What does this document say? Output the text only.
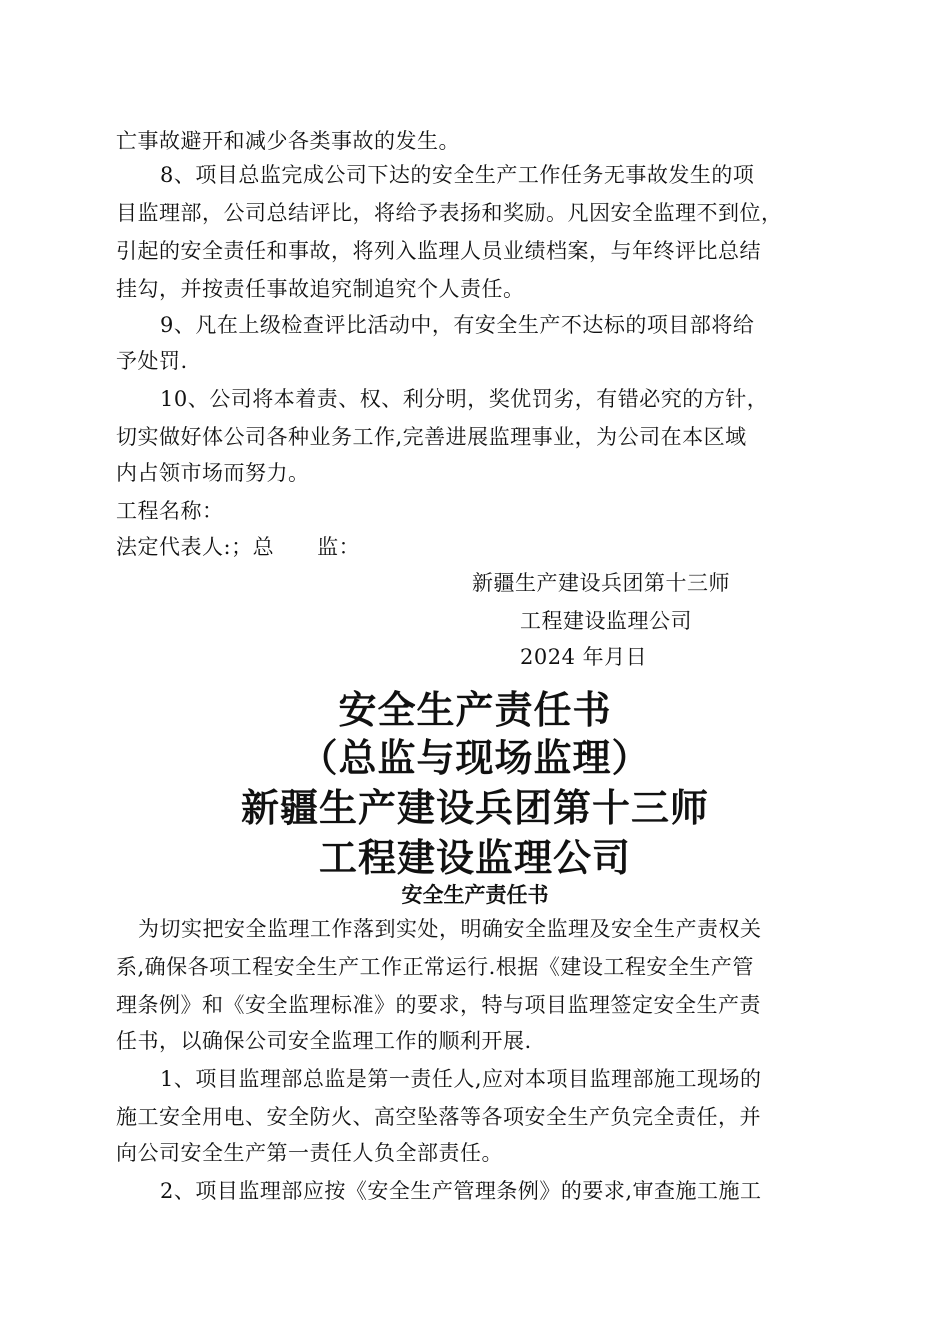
亡事故避开和减少各类事故的发生。
8、项目总监完成公司下达的安全生产工作任务无事故发生的项
目监理部，公司总结评比，将给予表扬和奖励。凡因安全监理不到位，
引起的安全责任和事故，将列入监理人员业绩档案，与年终评比总结
挂勾，并按责任事故追究制追究个人责任。
9、凡在上级检查评比活动中，有安全生产不达标的项目部将给
予处罚.
10、公司将本着责、权、利分明，奖优罚劣，有错必究的方针，
切实做好体公司各种业务工作,完善进展监理事业，为公司在本区域
内占领市场而努力。
工程名称：
法定代表人:；总　　监：
新疆生产建设兵团第十三师
工程建设监理公司
2024 年月日
安全生产责任书
（总监与现场监理）
新疆生产建设兵团第十三师
工程建设监理公司
安全生产责任书
为切实把安全监理工作落到实处，明确安全监理及安全生产责权关
系,确保各项工程安全生产工作正常运行.根据《建设工程安全生产管
理条例》和《安全监理标准》的要求，特与项目监理签定安全生产责
任书，以确保公司安全监理工作的顺利开展.
1、项目监理部总监是第一责任人,应对本项目监理部施工现场的
施工安全用电、安全防火、高空坠落等各项安全生产负完全责任，并
向公司安全生产第一责任人负全部责任。
2、项目监理部应按《安全生产管理条例》的要求,审查施工施工
